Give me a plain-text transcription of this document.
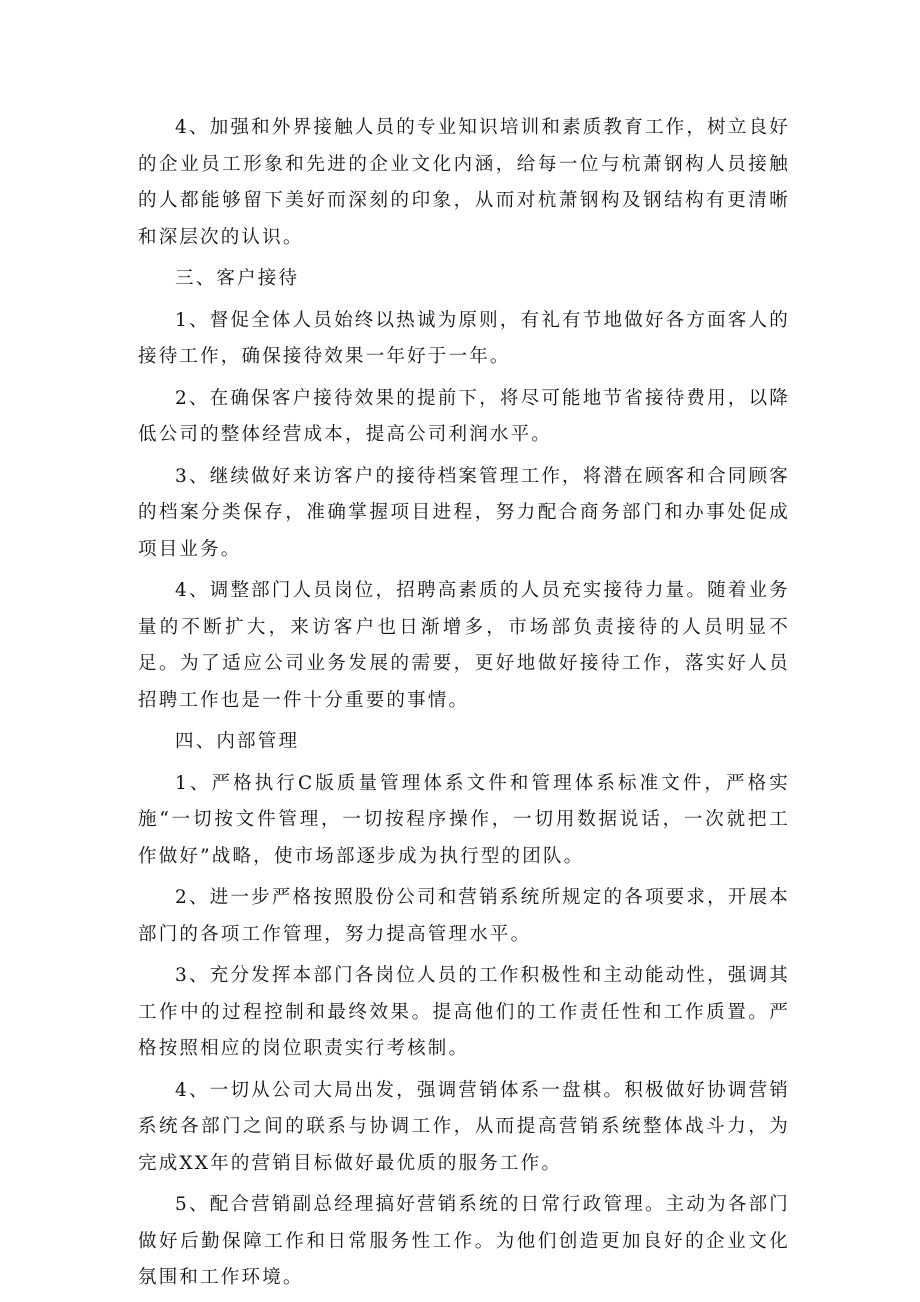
4、加强和外界接触人员的专业知识培训和素质教育工作，树立良好的企业员工形象和先进的企业文化内涵，给每一位与杭萧钢构人员接触的人都能够留下美好而深刻的印象，从而对杭萧钢构及钢结构有更清晰和深层次的认识。

三、客户接待

1、督促全体人员始终以热诚为原则，有礼有节地做好各方面客人的接待工作，确保接待效果一年好于一年。

2、在确保客户接待效果的提前下，将尽可能地节省接待费用，以降低公司的整体经营成本，提高公司利润水平。

3、继续做好来访客户的接待档案管理工作，将潜在顾客和合同顾客的档案分类保存，准确掌握项目进程，努力配合商务部门和办事处促成项目业务。

4、调整部门人员岗位，招聘高素质的人员充实接待力量。随着业务量的不断扩大，来访客户也日渐增多，市场部负责接待的人员明显不足。为了适应公司业务发展的需要，更好地做好接待工作，落实好人员招聘工作也是一件十分重要的事情。

四、内部管理

1、严格执行C版质量管理体系文件和管理体系标准文件，严格实施“一切按文件管理，一切按程序操作，一切用数据说话，一次就把工作做好”战略，使市场部逐步成为执行型的团队。

2、进一步严格按照股份公司和营销系统所规定的各项要求，开展本部门的各项工作管理，努力提高管理水平。

3、充分发挥本部门各岗位人员的工作积极性和主动能动性，强调其工作中的过程控制和最终效果。提高他们的工作责任性和工作质置。严格按照相应的岗位职责实行考核制。

4、一切从公司大局出发，强调营销体系一盘棋。积极做好协调营销系统各部门之间的联系与协调工作，从而提高营销系统整体战斗力，为完成XX年的营销目标做好最优质的服务工作。

5、配合营销副总经理搞好营销系统的日常行政管理。主动为各部门做好后勤保障工作和日常服务性工作。为他们创造更加良好的企业文化氛围和工作环境。
